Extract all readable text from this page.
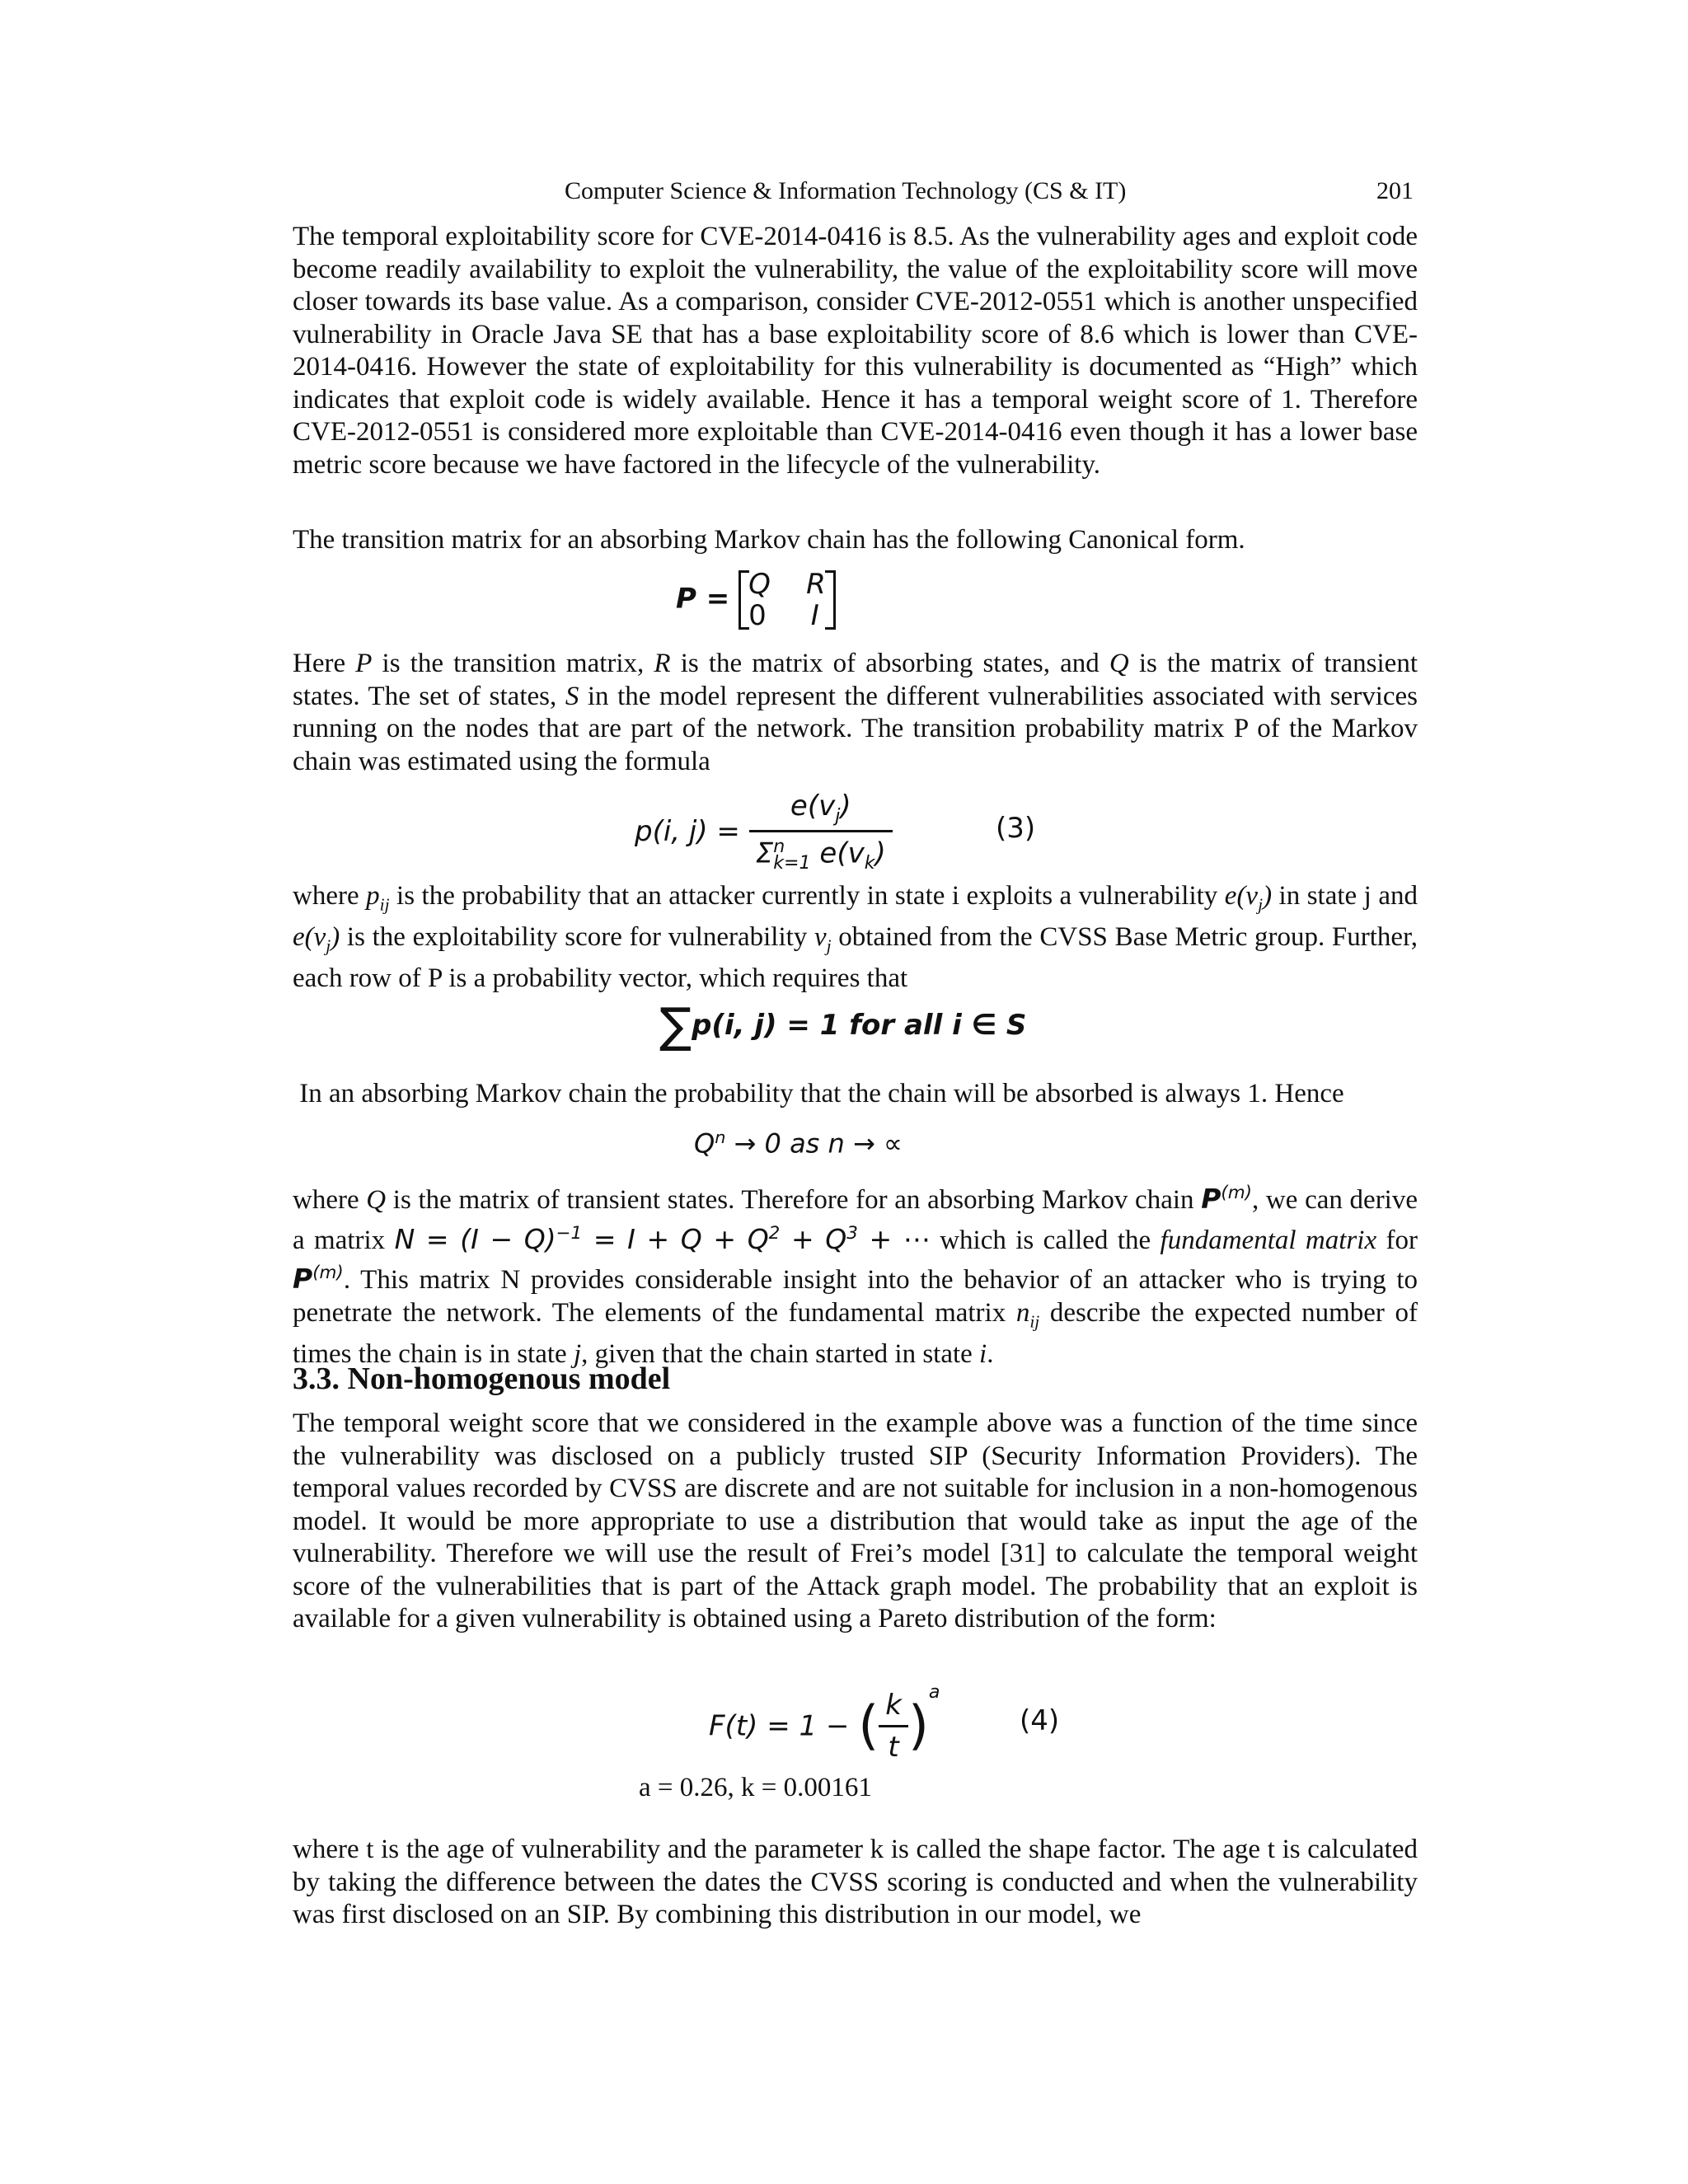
Computer Science & Information Technology (CS & IT)	201

The temporal exploitability score for CVE-2014-0416 is 8.5. As the vulnerability ages and exploit code become readily availability to exploit the vulnerability, the value of the exploitability score will move closer towards its base value. As a comparison, consider CVE-2012-0551 which is another unspecified vulnerability in Oracle Java SE that has a base exploitability score of 8.6 which is lower than CVE-2014-0416. However the state of exploitability for this vulnerability is documented as “High” which indicates that exploit code is widely available. Hence it has a temporal weight score of 1. Therefore CVE-2012-0551 is considered more exploitable than CVE-2014-0416 even though it has a lower base metric score because we have factored in the lifecycle of the vulnerability.

The transition matrix for an absorbing Markov chain has the following Canonical form.

P = Q R
0 I

Here P is the transition matrix, R is the matrix of absorbing states, and Q is the matrix of transient states. The set of states, S in the model represent the different vulnerabilities associated with services running on the nodes that are part of the network. The transition probability matrix P of the Markov chain was estimated using the formula

p(i, $j) = \frac{e(v_j)}{\Sigma^n_{k=1} e(v_k)}$	(3)

where $p_{ij}$ is the probability that an attacker currently in state i exploits a vulnerability $e(v_j)$ in state j and $e(v_j)$ is the exploitability score for vulnerability $v_j$ obtained from the CVSS Base Metric group. Further, each row of P is a probability vector, which requires that

∑p(i, j) = 1 for all i ∈ S

In an absorbing Markov chain the probability that the chain will be absorbed is always 1. Hence

$Q^n \to 0$ as n → ∝

where Q is the matrix of transient states. Therefore for an absorbing Markov chain $P^{(m)}$, we can derive a matrix $N = (I - Q)^{-1} = I + Q + Q^2 + Q^3$ + ⋯ which is called the fundamental matrix for $P^{(m)}$. This matrix N provides considerable insight into the behavior of an attacker who is trying to penetrate the network. The elements of the fundamental matrix $n_{ij}$ describe the expected number of times the chain is in state j, given that the chain started in state i.

3.3. Non-homogenous model

The temporal weight score that we considered in the example above was a function of the time since the vulnerability was disclosed on a publicly trusted SIP (Security Information Providers). The temporal values recorded by CVSS are discrete and are not suitable for inclusion in a non-homogenous model. It would be more appropriate to use a distribution that would take as input the age of the vulnerability. Therefore we will use the result of Frei’s model [31] to calculate the temporal weight score of the vulnerabilities that is part of the Attack graph model. The probability that an exploit is available for a given vulnerability is obtained using a Pareto distribution of the form:

F(t) = 1 − ( $\frac{k}{t} )^a$
(4)
a = 0.26, k = 0.00161

where t is the age of vulnerability and the parameter k is called the shape factor. The age t is calculated by taking the difference between the dates the CVSS scoring is conducted and when the vulnerability was first disclosed on an SIP. By combining this distribution in our model, we
